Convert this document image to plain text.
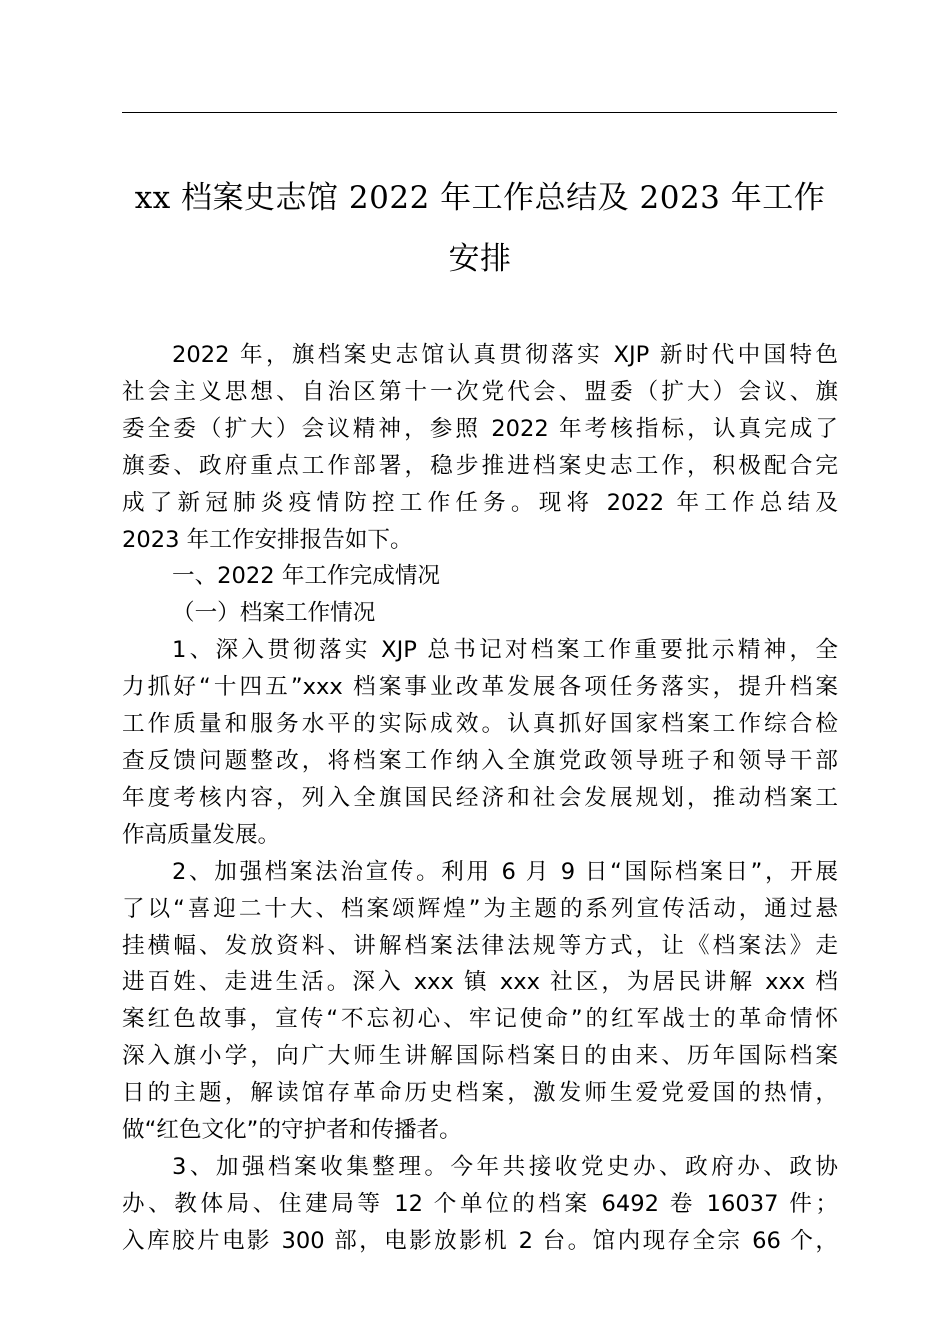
xx 档案史志馆 2022 年工作总结及 2023 年工作
安排

2022 年，旗档案史志馆认真贯彻落实 XJP 新时代中国特色
社会主义思想、自治区第十一次党代会、盟委（扩大）会议、旗
委全委（扩大）会议精神，参照 2022 年考核指标，认真完成了
旗委、政府重点工作部署，稳步推进档案史志工作，积极配合完
成了新冠肺炎疫情防控工作任务。现将 2022 年工作总结及
2023 年工作安排报告如下。

一、2022 年工作完成情况

（一）档案工作情况

1、深入贯彻落实 XJP 总书记对档案工作重要批示精神，全
力抓好“十四五”xxx 档案事业改革发展各项任务落实，提升档案
工作质量和服务水平的实际成效。认真抓好国家档案工作综合检
查反馈问题整改，将档案工作纳入全旗党政领导班子和领导干部
年度考核内容，列入全旗国民经济和社会发展规划，推动档案工
作高质量发展。

2、加强档案法治宣传。利用 6 月 9 日“国际档案日”，开展
了以“喜迎二十大、档案颂辉煌”为主题的系列宣传活动，通过悬
挂横幅、发放资料、讲解档案法律法规等方式，让《档案法》走
进百姓、走进生活。深入 xxx 镇 xxx 社区，为居民讲解 xxx 档
案红色故事，宣传“不忘初心、牢记使命”的红军战士的革命情怀
深入旗小学，向广大师生讲解国际档案日的由来、历年国际档案
日的主题，解读馆存革命历史档案，激发师生爱党爱国的热情，
做“红色文化”的守护者和传播者。

3、加强档案收集整理。今年共接收党史办、政府办、政协
办、教体局、住建局等 12 个单位的档案 6492 卷 16037 件；
入库胶片电影 300 部，电影放影机 2 台。馆内现存全宗 66 个，
